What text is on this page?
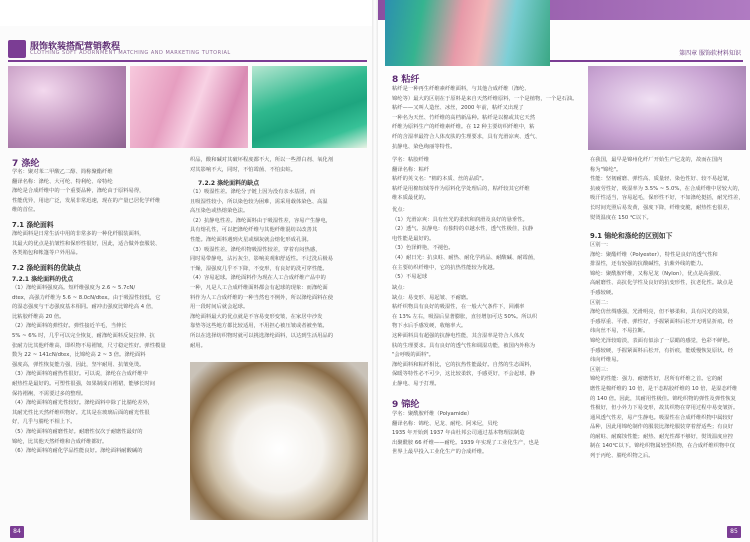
服饰软装搭配营销教程
CLOTHING SOFT ADORNMENT MATCHING AND MARKETING TUTORIAL	第四章 服饰软材料知识
7 涤纶

学名：聚对苯二甲酸乙二醇、简称聚酯纤维

翻译名称：涤纶、大可纶、特利纶、帝特纶

涤纶是合成纤维中的一个重要品种，涤纶由于原料易得，

性能优异，用途广泛，发展非常迅速，现在的产量已居化学纤维

维的首位。

7.1 涤纶面料

涤纶面料是日常生活中用的非常多的一种化纤服装面料，

其最大的优点是抗皱性和保形性很好，因此，适合做外套服装、

各类箱包和帐篷等户外用品。

7.2 涤纶面料的优缺点
7.2.1 涤纶面料的优点

（1）涤纶面料强度高。短纤维强度为 2.6 ~ 5.7cN/

dtex，高强力纤维为 5.6 ~ 8.0cN/dtex。由于吸湿性较低，它

的湿态强度与干态强度基本相同。耐冲击强度比锦纶高 4 倍，

比粘胶纤维高 20 倍。

（2）涤纶面料的弹性好。弹性接近羊毛，当伸长

5% ~ 6% 时，几乎可以完全恢复，耐涤纶面料反复拉伸、抗

张耐力比其他纤维高，即织物不易褶皱，尺寸稳定性好。弹性模量

数为 22 ~ 141cN/dtex，比锦纶高 2 ~ 3 倍。涤纶面料

强度高，弹性恢复能力强，因此，坚牢耐用、抗皱免烫。

（3）涤纶面料的耐热性很好。可以说，涤纶在合成纤维中

耐热性是最好的。可塑性很强，如果制成百褶裙，能够长时间

保持褶裥，不需要过多的整理。

（4）涤纶面料的耐光性较好。涤纶面料中除了比腈纶差外，

其耐光性比天然纤维织物好。尤其是在玻璃后面的耐光性很

好，几乎与腈纶不相上下。

（5）涤纶面料的耐磨性好。耐磨性仅次于耐磨性最好的

锦纶，比其他天然纤维和合成纤维都好。

（6）涤纶面料的耐化学品性能良好。涤纶面料耐酸碱的

织品，酸和碱对其破坏程度都不大，所以一些漂白剂、氧化剂

对其影响不大，同时，不怕霉菌、不怕虫蛀。

7.2.2 涤纶面料的缺点

（1）吸湿性差。涤纶分子链上因为没有亲水基团，而

且吸湿性较小，所以染色较为困难，需采用载体染色、高温

高压染色或热熔染色法。

（2）抗静电性差。涤纶面料由于吸湿性差，容易产生静电，

具有熔孔性，可以把涤纶纤维与其他纤维混纺以改善其

性能。涤纶面料遇到火星或烟灰就会熔化形成孔洞。

（3）吸湿性差。涤纶织物吸湿性较差，穿着有闷热感，

同时易带静电，沾污灰尘，影响美观和舒适性。不过洗后极易

干燥，湿强度几乎不下降，不变形，有良好的洗可穿性能。

（4）容易起球。涤纶面料作为现在人工合成纤维产品中的

一种，凡是人工合成纤维面料都会有起球的现象：而涤纶面

料作为人工合成纤维的一种当然也不例外，所以涤纶面料在使

用一段时间后就会起球。

涤纶面料最大的优点就是不容易变形变皱，在家居中沙发

靠垫等这些地方都比较适用，不用担心被压皱或者被坐皱。

所以在选择纺织物时就可以挑选涤纶面料，以达到生活用品的

耐用。

8 粘纤

粘纤是一种再生纤维素纤维面料，与其他合成纤维（涤纶、

锦纶等）最大的区别在于原料是来自天然纤维原料，一个是植物，一个是石油。

粘纤——又叫人造丝、冰丝，2000 年前，粘纤又出现了

一种名为天丝、竹纤维的高档新品种。粘纤是以棉或其它天然

纤维为原料生产的纤维素纤维。在 12 种主要纺织纤维中，粘

纤的含湿率最符合人体皮肤的生理要求，具有光滑凉爽、透气、

抗静电、染色绚丽等特性。

学名：粘胶纤维

翻译名称：粘纤

粘纤的英文名："棉的本质、丝的品质"。

粘纤是用棉短绒等作为原料化学处理后的，粘纤较其它纤维

维本质最优的。

优点：

（1）光滑凉爽：具有丝光的柔软和润滑及良好的悬垂性。

（2）透气、抗静电：有独特的卓越水性，透气性极佳，抗静

电性能是最好的。

（3）色泽鲜艳，不褪色。

（4）耐日光：抗虫蛀、耐热、耐化学药品、耐酸碱、耐霉菌，

在主要纺织纤维中，它的抗热性能较为优越。

（5）不易起球

缺点：

缺点：易变形、易起皱、不耐磨。

粘纤织物具有良好的吸湿性，在一般大气条件下，回潮率

在 13% 左右，吸湿后显著膨胀，直径增加可达 50%。所以织

物下水后手感发硬，收缩率大。

这种面料具有超强的抗静电性能，其含湿率是符合人体皮

肤的生理要求。具有良好的透气性和调湿功能，被国内外称为

"会呼吸的面料"。

涤纶面料和粘纤相比，它的抗热性能最好。自然的生态面料，

保暖等特性必不可少，这比较柔软，手感更好，不会起球，静

止静电、易于打理。

9 锦纶

学名：聚酰胺纤维（Polyamide）

翻译名称：锦纶、尼龙、耐纶、阿米尼，贝纶

1935 年开始到 1937 年由杜邦公司通过基本物理法制造

出聚酰胺 66 纤维——耐纶。1939 年实现了工业化生产，也是

世界上最早投入工业化生产的合成纤维。

在我国，最早是锦州化纤厂开始生产尼龙的，故而在国内

称为"锦纶"。

性能：坚韧耐磨、弹性高、质量轻、染色性好、较不易起皱，

抗疲劳性好，吸湿率为 3.5% ~ 5.0%，在合成纤维中居较大的，

吸汗性适当，容易起毛，保形性不好，不如涤纶挺括，耐光性差，

长时间光照后易发黄，强度下降，纤维变脆，耐热性也很差，

熨烫温度在 150 ℃以下。

9.1 锦纶和涤纶的区别如下

区别一：

涤纶：聚酯纤维（Polyester），特性是良好的透气性和

排湿性，还有较强的抗酸碱性，抗紫外线的能力。

锦纶：聚酰胺纤维，又称尼龙（Nylon），优点是高强度、

高耐磨性、高抗化学性及良好的抗变形性，抗老化性。缺点是

手感较硬。

区别二：

涤纶仿丝绸感强，光滑明亮，但不够柔和，具有闪光的效果，

手感厚重、平滑、弹性好，手握紧面料后松开无明显折痕。经

纬向丝不易，不易拉断。

锦纶光泽较暗淡，表面有似涂了一层蜡的感觉，色彩不鲜艳。

手感较硬，手握紧面料后松开，有折痕，能缓慢恢复原状。经

纬向纤维易。

区别三：

锦纶的性能：强力、耐磨性好，居所有纤维之首。它的耐

磨性是棉纤维的 10 倍，是干态粘胶纤维的 10 倍，是湿态纤维

的 140 倍。因此，其耐用性极佳。锦纶织物的弹性及弹性恢复

性极好，但小外力下易变形，故其织物在穿用过程中易变皱折。

通风透气性差，易产生静电。吸湿性在合成纤维织物中属较好

品种，因此用锦纶制作的服装比涤纶服装穿着舒适些；有良好

的耐蛀、耐腐蚀性能；耐热、耐光性都不够好，熨烫温度应控

制在 140℃以下。锦纶织物属轻型织物，在合成纤维织物中仅

列于丙纶、腈纶织物之后。

84	85
